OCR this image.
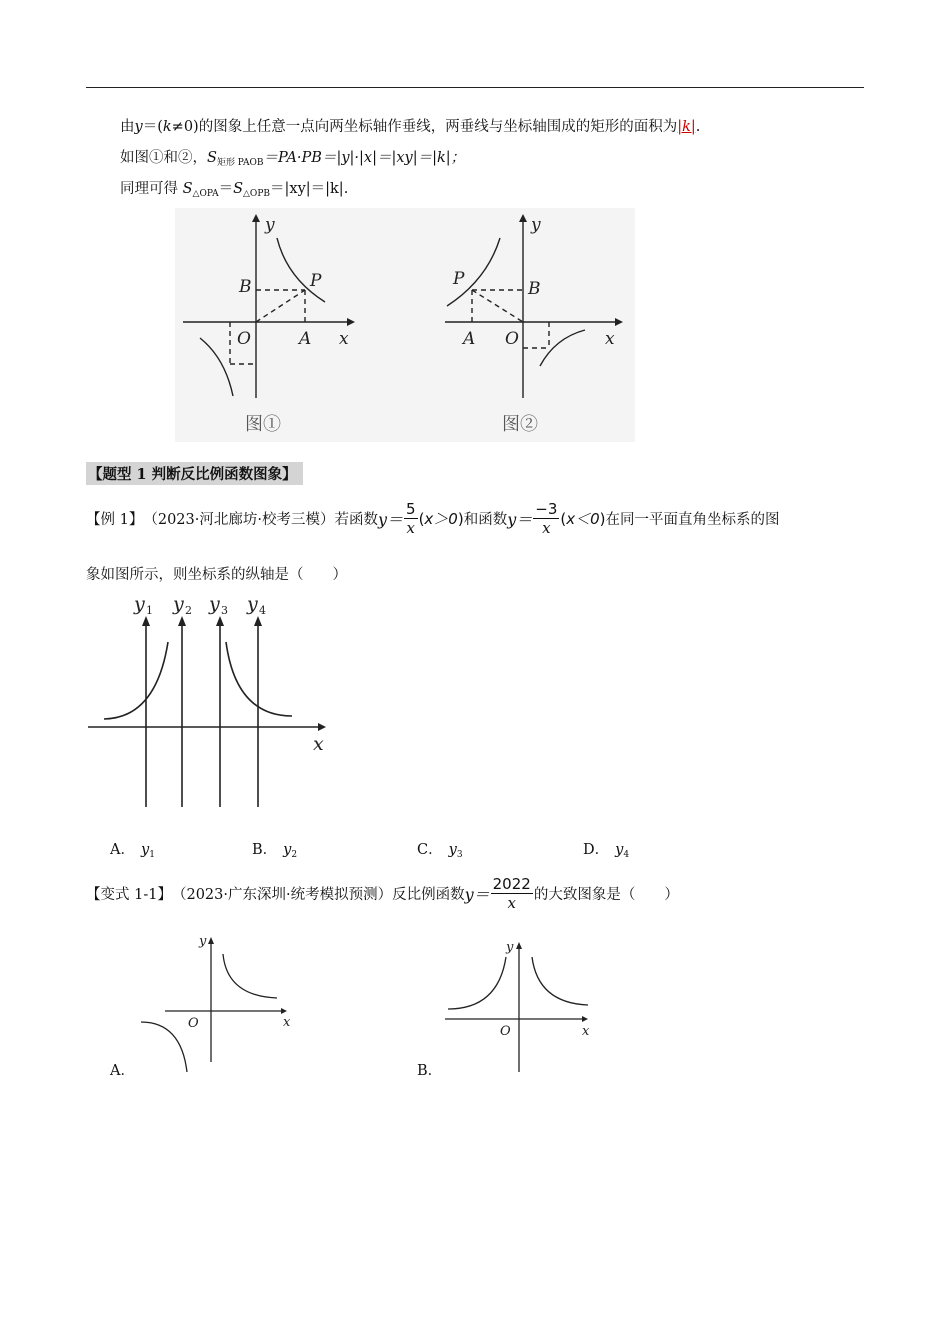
由y＝(k≠0)的图象上任意一点向两坐标轴作垂线，两垂线与坐标轴围成的矩形的面积为|k|.
如图①和②，$S_{矩形 PAOB}=PA\cdot PB=|y|\cdot|x|=|xy|=|k|$；
同理可得 $S_{\triangle OPA}=S_{\triangle OPB}=|xy|=|k|$.
y
x
B	P
O	A
y
x
P	B
A O
图①	图②
【题型 1 判断反比例函数图象】
【例 1】 （2023·河北廊坊·校考三模）若函数 $y= \frac{5}{x} (x>0)$ 和函数 $y= \frac{-3}{x} (x<0)$ 在同一平面直角坐标系的图
象如图所示，则坐标系的纵轴是（　　）
y 1 y 2 y 3 y 4
x
A． $y_1$	B． $y_2$	C． $y_3$	D． $y_4$
【变式 1-1】 （2023·广东深圳·统考模拟预测）反比例函数 $y= \frac{2022}{x}$ 的大致图象是（　　）
A．
y
x
O
B．
y
x
O
